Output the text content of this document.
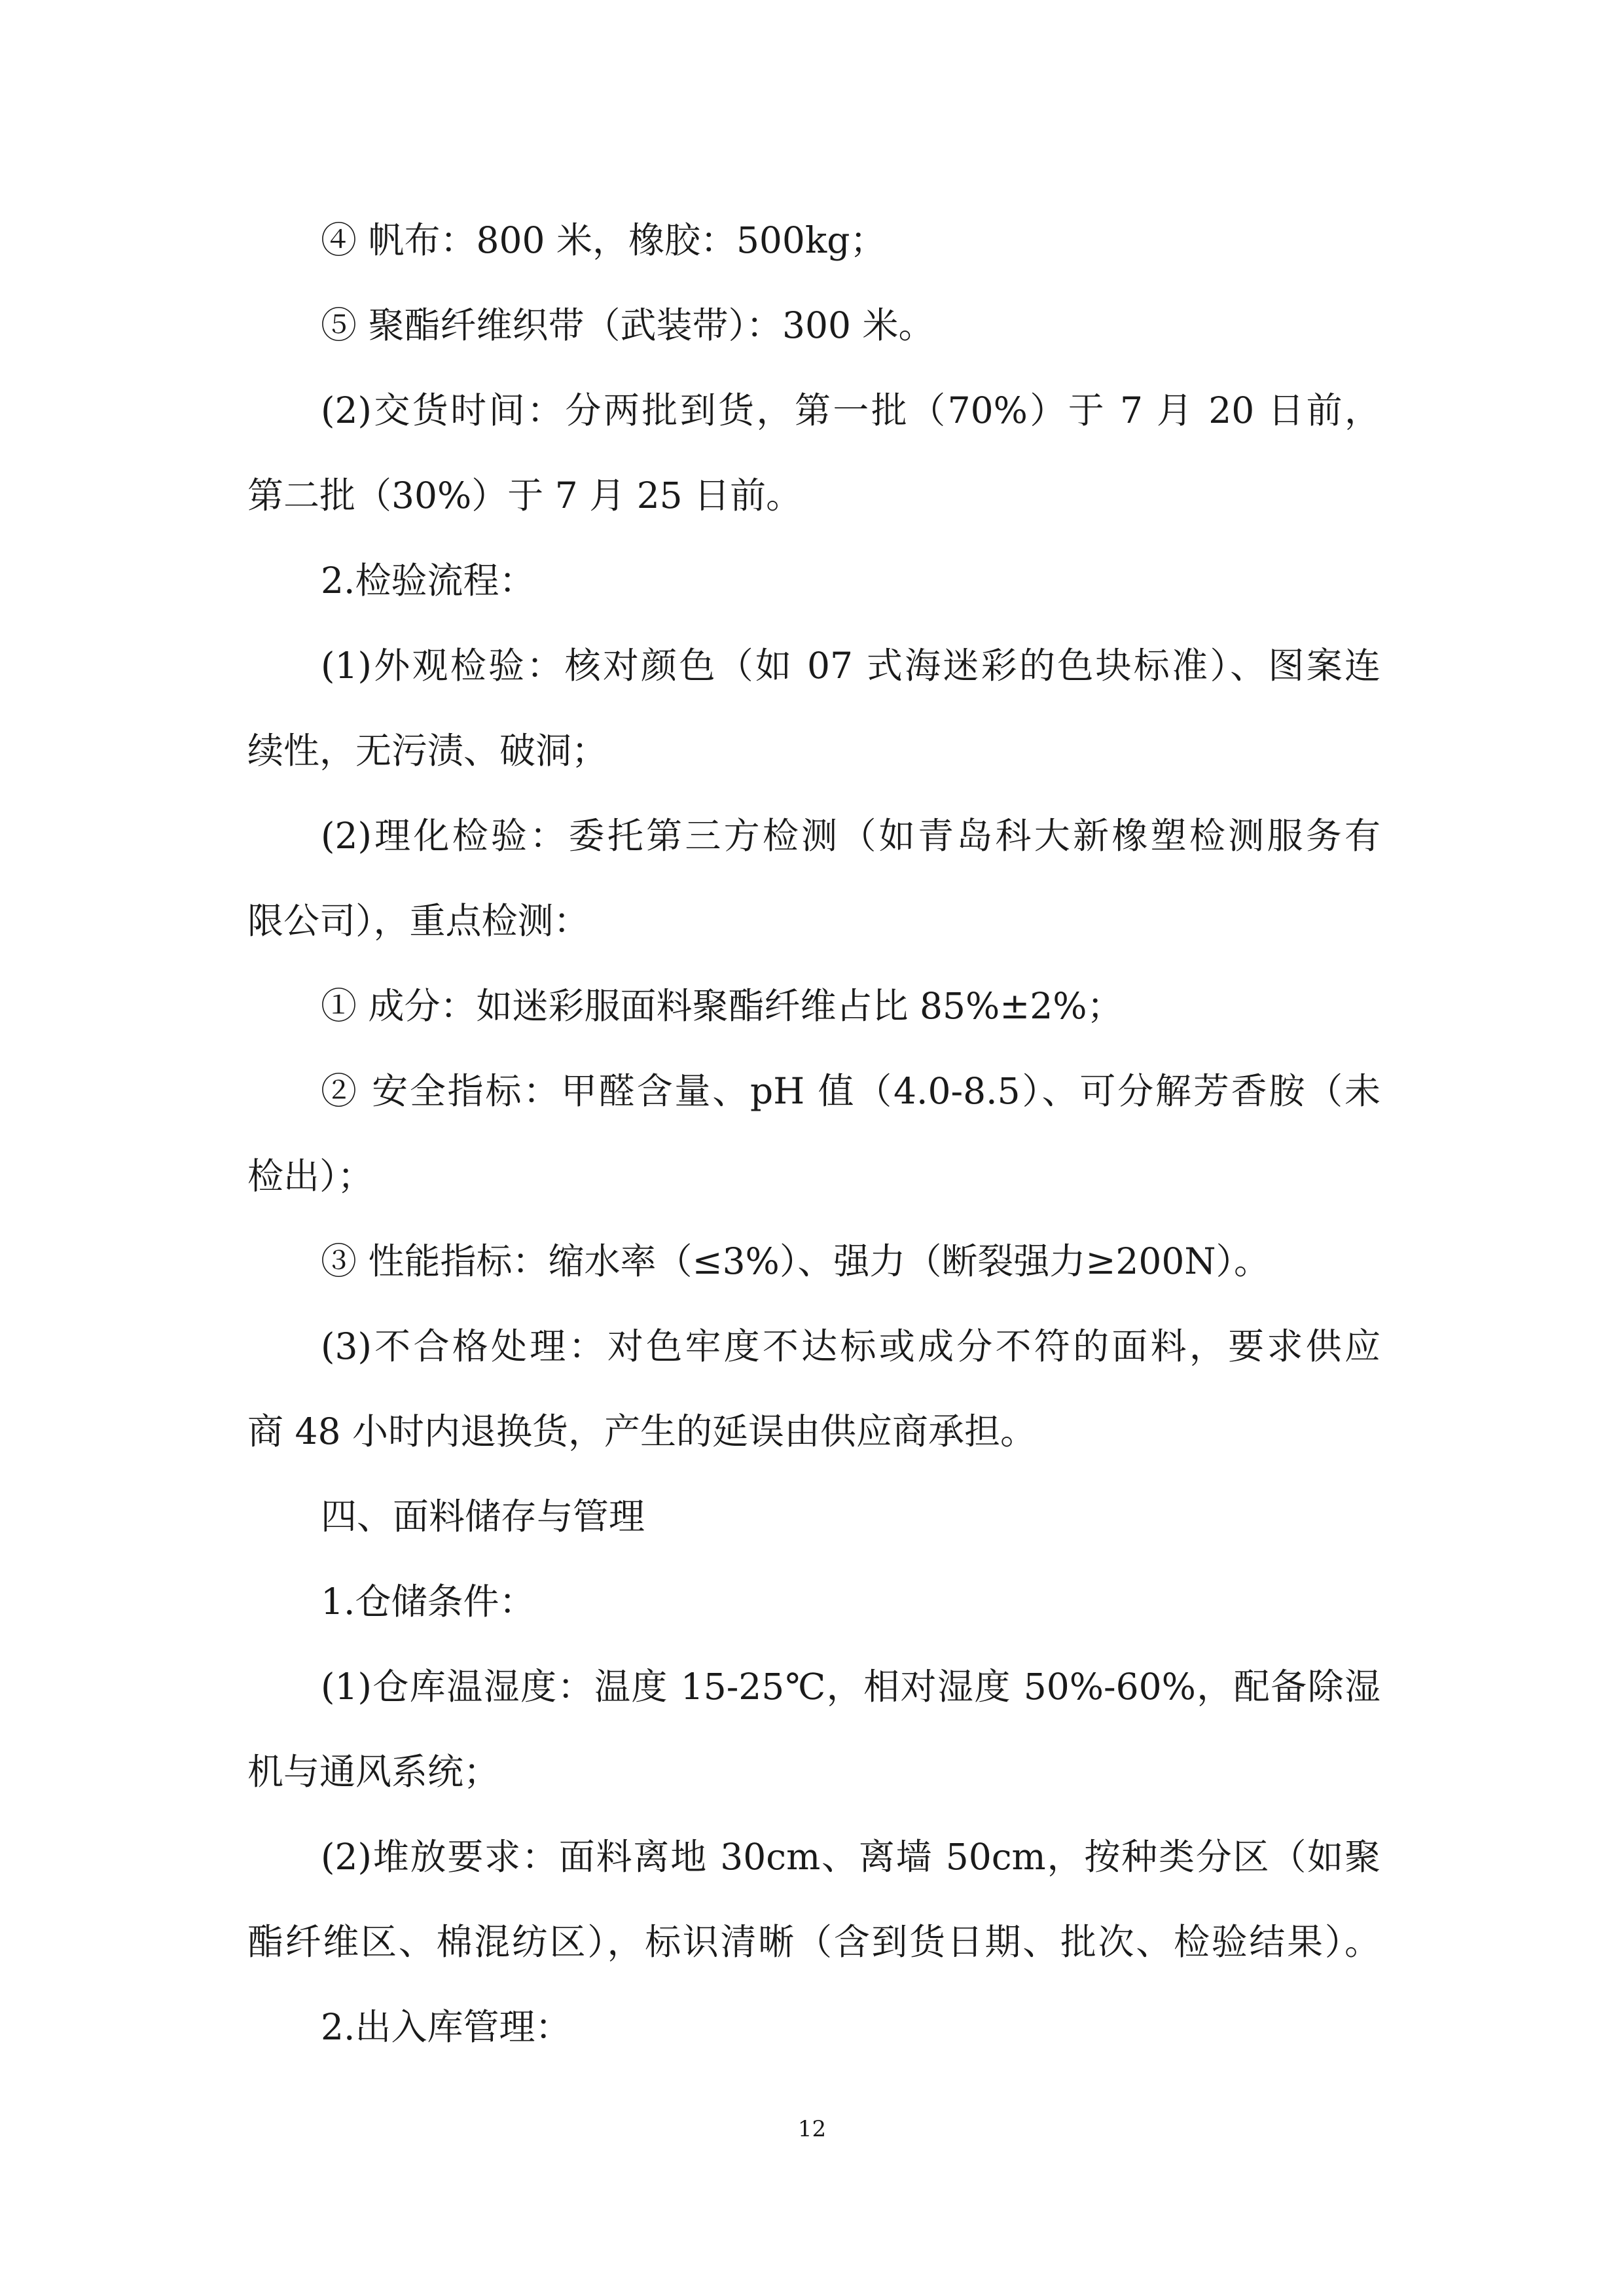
④ 帆布：800 米，橡胶：500kg；
⑤ 聚酯纤维织带（武装带）：300 米。
(2)交货时间：分两批到货，第一批（70%）于 7 月 20 日前，
第二批（30%）于 7 月 25 日前。
2.检验流程：
(1)外观检验：核对颜色（如 07 式海迷彩的色块标准）、图案连
续性，无污渍、破洞；
(2)理化检验：委托第三方检测（如青岛科大新橡塑检测服务有
限公司），重点检测：
① 成分：如迷彩服面料聚酯纤维占比 85%±2%；
② 安全指标：甲醛含量、pH 值（4.0-8.5）、可分解芳香胺（未
检出）；
③ 性能指标：缩水率（≤3%）、强力（断裂强力≥200N）。
(3)不合格处理：对色牢度不达标或成分不符的面料，要求供应
商 48 小时内退换货，产生的延误由供应商承担。
四、面料储存与管理
1.仓储条件：
(1)仓库温湿度：温度 15-25℃，相对湿度 50%-60%，配备除湿
机与通风系统；
(2)堆放要求：面料离地 30cm、离墙 50cm，按种类分区（如聚
酯纤维区、棉混纺区），标识清晰（含到货日期、批次、检验结果）。
2.出入库管理：
12
